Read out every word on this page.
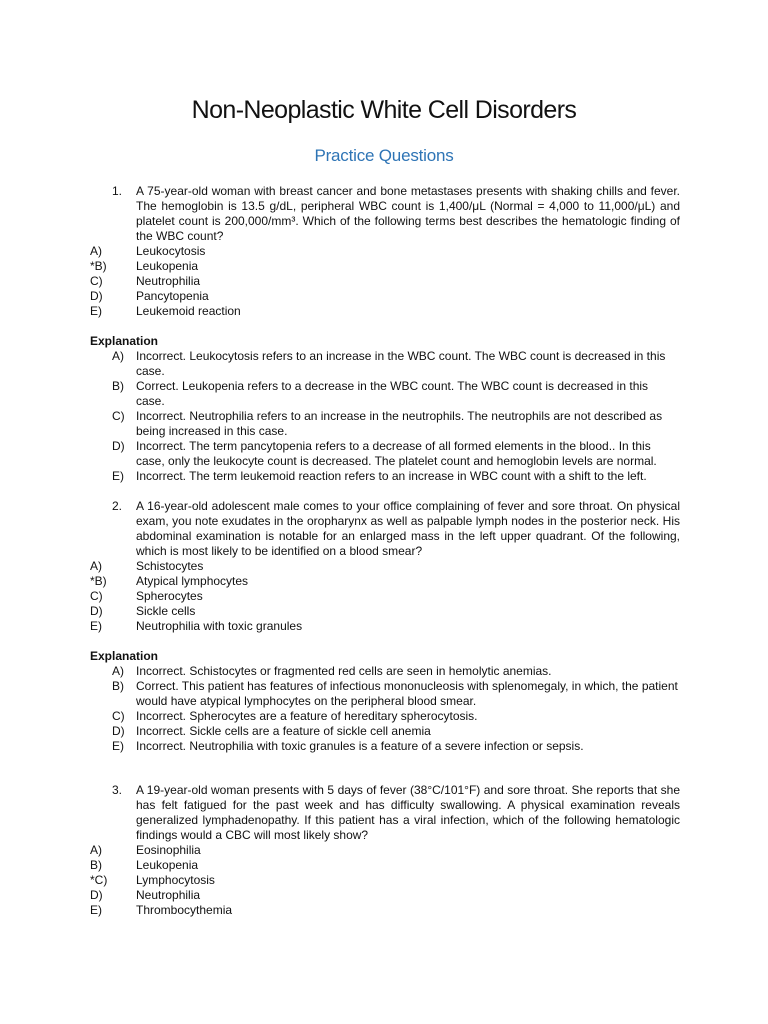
Non-Neoplastic White Cell Disorders
Practice Questions
1. A 75-year-old woman with breast cancer and bone metastases presents with shaking chills and fever. The hemoglobin is 13.5 g/dL, peripheral WBC count is 1,400/μL (Normal = 4,000 to 11,000/μL) and platelet count is 200,000/mm³. Which of the following terms best describes the hematologic finding of the WBC count?
A)	Leukocytosis
*B) Leukopenia
C)	Neutrophilia
D)	Pancytopenia
E)	Leukemoid reaction
Explanation
A) Incorrect. Leukocytosis refers to an increase in the WBC count. The WBC count is decreased in this case.
B) Correct. Leukopenia refers to a decrease in the WBC count. The WBC count is decreased in this case.
C) Incorrect. Neutrophilia refers to an increase in the neutrophils. The neutrophils are not described as being increased in this case.
D) Incorrect. The term pancytopenia refers to a decrease of all formed elements in the blood.. In this case, only the leukocyte count is decreased. The platelet count and hemoglobin levels are normal.
E) Incorrect. The term leukemoid reaction refers to an increase in WBC count with a shift to the left.
2. A 16-year-old adolescent male comes to your office complaining of fever and sore throat. On physical exam, you note exudates in the oropharynx as well as palpable lymph nodes in the posterior neck. His abdominal examination is notable for an enlarged mass in the left upper quadrant. Of the following, which is most likely to be identified on a blood smear?
A)	Schistocytes
*B) Atypical lymphocytes
C)	Spherocytes
D)	Sickle cells
E)	Neutrophilia with toxic granules
Explanation
A) Incorrect. Schistocytes or fragmented red cells are seen in hemolytic anemias.
B) Correct. This patient has features of infectious mononucleosis with splenomegaly, in which, the patient would have atypical lymphocytes on the peripheral blood smear.
C) Incorrect. Spherocytes are a feature of hereditary spherocytosis.
D) Incorrect. Sickle cells are a feature of sickle cell anemia
E) Incorrect. Neutrophilia with toxic granules is a feature of a severe infection or sepsis.
3. A 19-year-old woman presents with 5 days of fever (38°C/101°F) and sore throat. She reports that she has felt fatigued for the past week and has difficulty swallowing. A physical examination reveals generalized lymphadenopathy. If this patient has a viral infection, which of the following hematologic findings would a CBC will most likely show?
A)	Eosinophilia
B)	Leukopenia
*C) Lymphocytosis
D)	Neutrophilia
E)	Thrombocythemia
